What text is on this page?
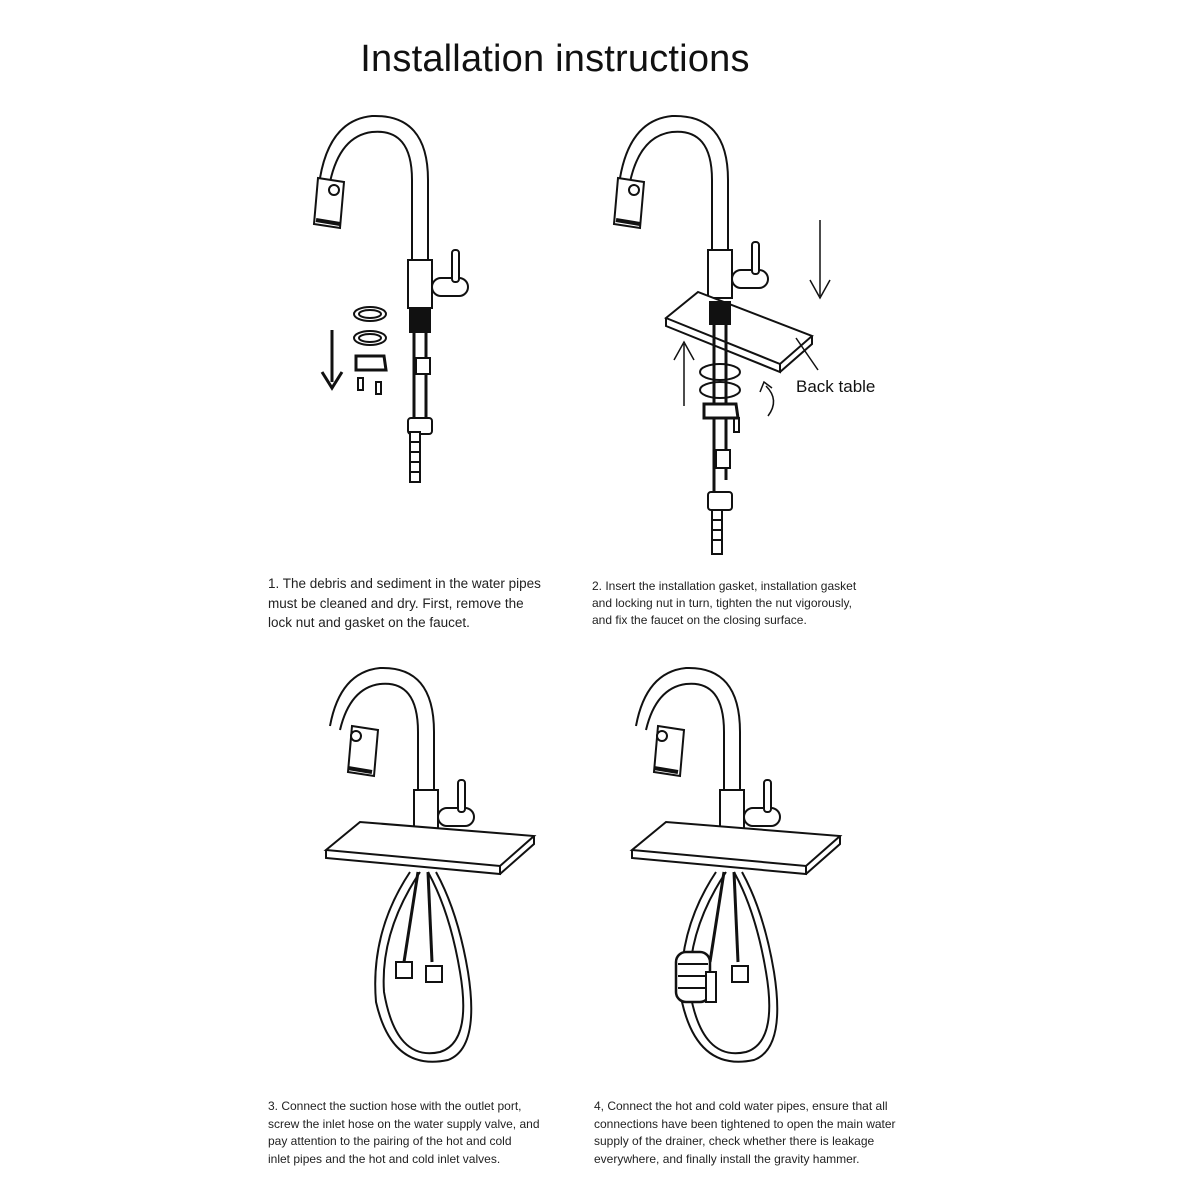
Installation instructions
1. The debris and sediment in the water pipes
must be cleaned and dry. First, remove the
lock nut and gasket on the faucet.
Back table
2. Insert the installation gasket, installation gasket
and locking nut in turn, tighten the nut vigorously,
and fix the faucet on the closing surface.
3. Connect the suction hose with the outlet port,
screw the inlet hose on the water supply valve, and
pay attention to the pairing of the hot and cold
inlet pipes and the hot and cold inlet valves.
4, Connect the hot and cold water pipes, ensure that all
connections have been tightened to open the main water
supply of the drainer, check whether there is leakage
everywhere, and finally install the gravity hammer.
